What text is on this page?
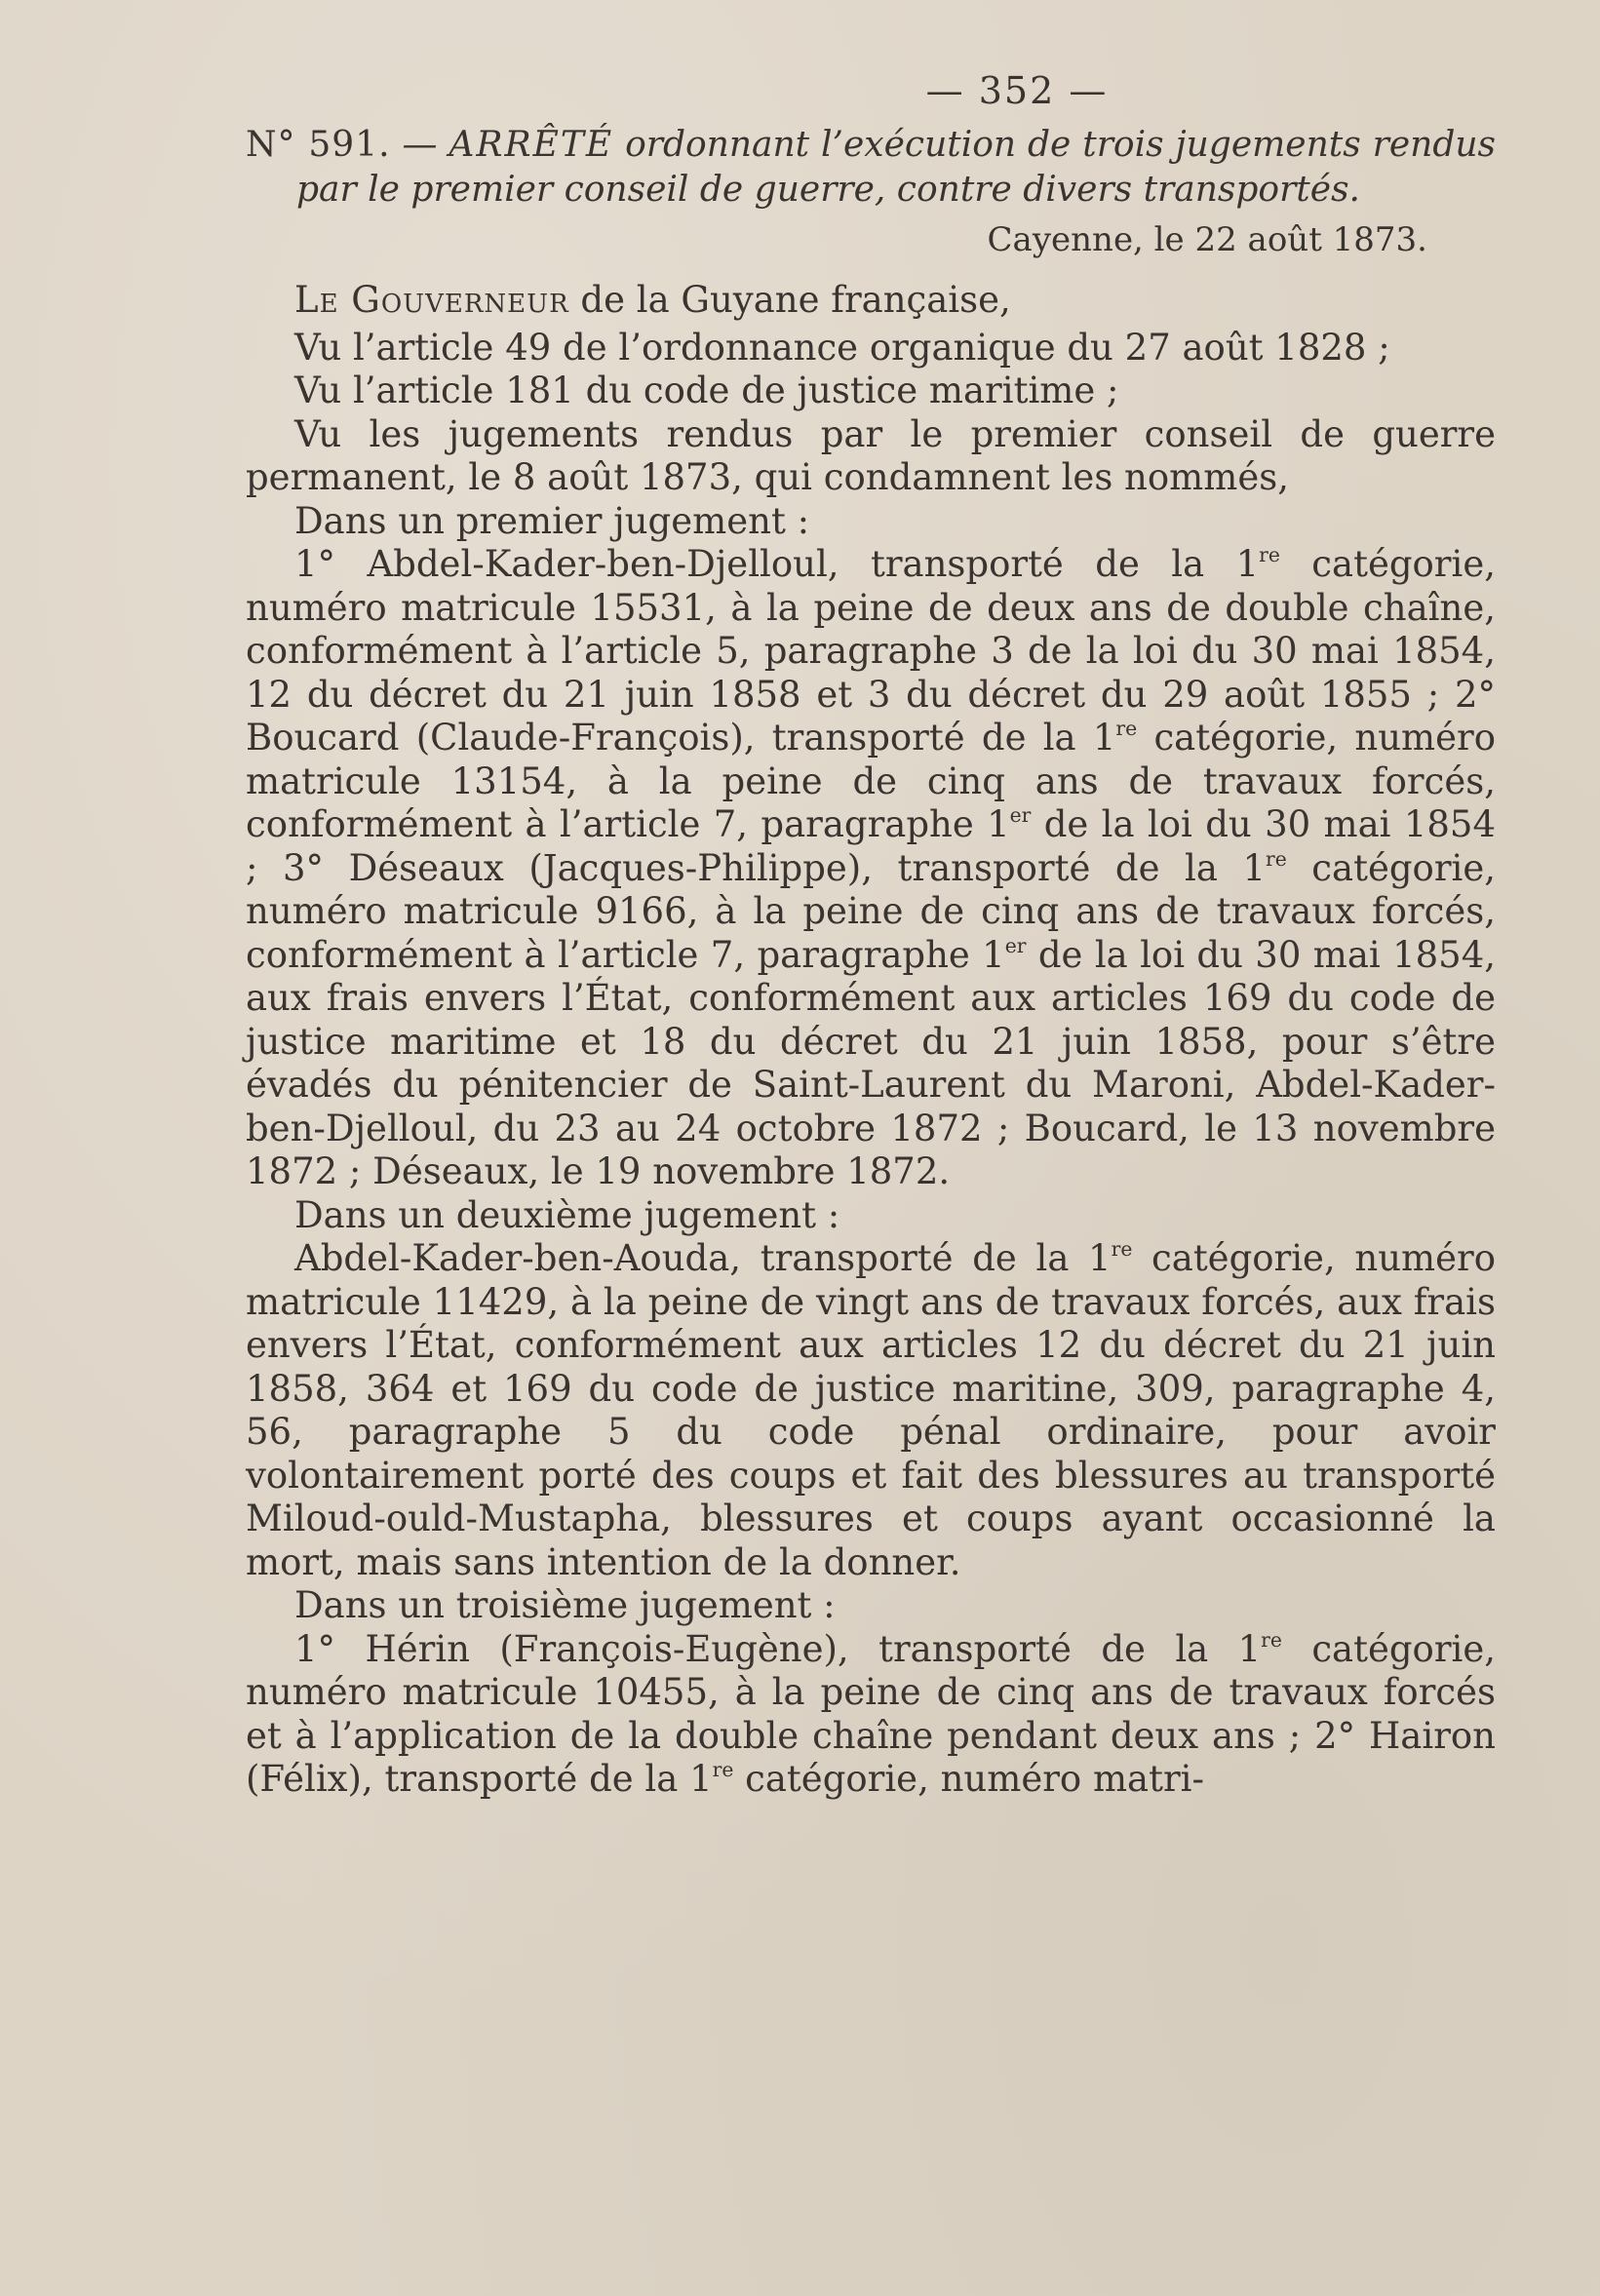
— 352 —
N° 591. — ARRÊTÉ ordonnant l’exécution de trois jugements rendus par le premier conseil de guerre, contre divers transportés.
Cayenne, le 22 août 1873.

Le Gouverneur de la Guyane française,

Vu l’article 49 de l’ordonnance organique du 27 août 1828 ;

Vu l’article 181 du code de justice maritime ;

Vu les jugements rendus par le premier conseil de guerre permanent, le 8 août 1873, qui condamnent les nommés,

Dans un premier jugement :

1° Abdel-Kader-ben-Djelloul, transporté de la 1re catégorie, numéro matricule 15531, à la peine de deux ans de double chaîne, conformément à l’article 5, paragraphe 3 de la loi du 30 mai 1854, 12 du décret du 21 juin 1858 et 3 du décret du 29 août 1855 ; 2° Boucard (Claude-François), transporté de la 1re catégorie, numéro matricule 13154, à la peine de cinq ans de travaux forcés, conformément à l’article 7, paragraphe 1er de la loi du 30 mai 1854 ; 3° Déseaux (Jacques-Philippe), transporté de la 1re catégorie, numéro matricule 9166, à la peine de cinq ans de travaux forcés, conformément à l’article 7, paragraphe 1er de la loi du 30 mai 1854, aux frais envers l’État, conformément aux articles 169 du code de justice maritime et 18 du décret du 21 juin 1858, pour s’être évadés du pénitencier de Saint-Laurent du Maroni, Abdel-Kader-ben-Djelloul, du 23 au 24 octobre 1872 ; Boucard, le 13 novembre 1872 ; Déseaux, le 19 novembre 1872.

Dans un deuxième jugement :

Abdel-Kader-ben-Aouda, transporté de la 1re catégorie, numéro matricule 11429, à la peine de vingt ans de travaux forcés, aux frais envers l’État, conformément aux articles 12 du décret du 21 juin 1858, 364 et 169 du code de justice maritine, 309, paragraphe 4, 56, paragraphe 5 du code pénal ordinaire, pour avoir volontairement porté des coups et fait des blessures au transporté Miloud-ould-Mustapha, blessures et coups ayant occasionné la mort, mais sans intention de la donner.

Dans un troisième jugement :

1° Hérin (François-Eugène), transporté de la 1re catégorie, numéro matricule 10455, à la peine de cinq ans de travaux forcés et à l’application de la double chaîne pendant deux ans ; 2° Hairon (Félix), transporté de la 1re catégorie, numéro matri-
